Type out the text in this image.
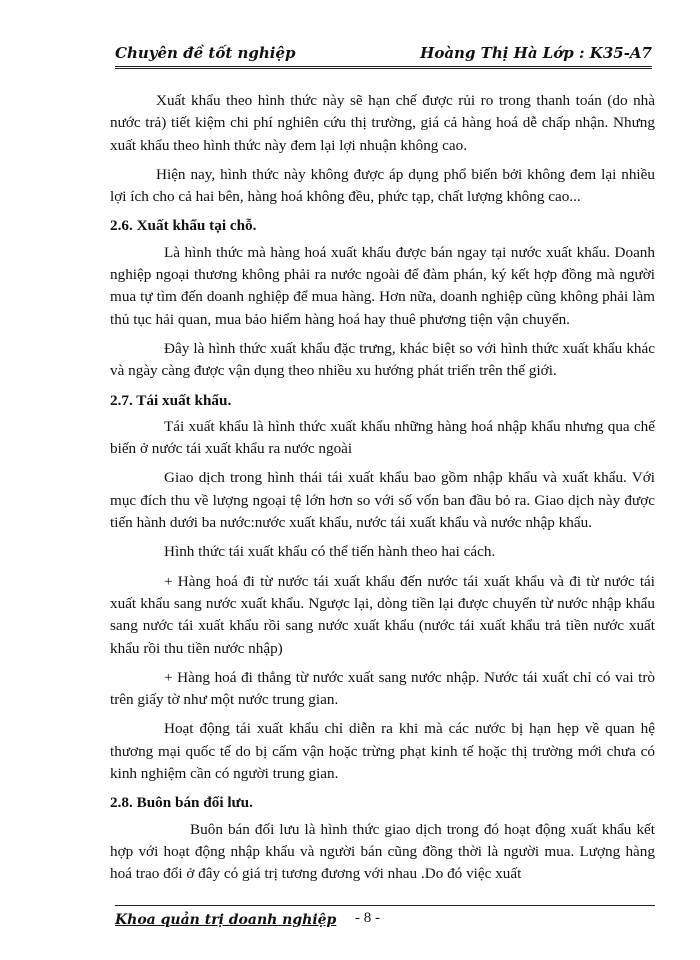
Chuyên đề tốt nghiệp	Hoàng Thị Hà Lớp : K35-A7

Xuất khẩu theo hình thức này sẽ hạn chế được rủi ro trong thanh toán (do nhà nước trả) tiết kiệm chi phí nghiên cứu thị trường, giá cả hàng hoá dễ chấp nhận. Nhưng xuất khẩu theo hình thức này đem lại lợi nhuận không cao.

Hiện nay, hình thức này không được áp dụng phổ biến bởi không đem lại nhiều lợi ích cho cả hai bên, hàng hoá không đều, phức tạp, chất lượng không cao...

2.6. Xuất khẩu tại chỗ.

Là hình thức mà hàng hoá xuất khẩu được bán ngay tại nước xuất khẩu. Doanh nghiệp ngoại thương không phải ra nước ngoài để đàm phán, ký kết hợp đồng mà người mua tự tìm đến doanh nghiệp để mua hàng. Hơn nữa, doanh nghiệp cũng không phải làm thủ tục hải quan, mua bảo hiểm hàng hoá hay thuê phương tiện vận chuyển.

Đây là hình thức xuất khẩu đặc trưng, khác biệt so với hình thức xuất khẩu khác và ngày càng được vận dụng theo nhiều xu hướng phát triển trên thế giới.

2.7. Tái xuất khẩu.

Tái xuất khẩu là hình thức xuất khẩu những hàng hoá nhập khẩu nhưng qua chế biến ở nước tái xuất khẩu ra nước ngoài

Giao dịch trong hình thái tái xuất khẩu bao gồm nhập khẩu và xuất khẩu. Với mục đích thu về lượng ngoại tệ lớn hơn so với số vốn ban đầu bỏ ra. Giao dịch này được tiến hành dưới ba nước:nước xuất khẩu, nước tái xuất khẩu và nước nhập khẩu.

Hình thức tái xuất khẩu có thể tiến hành theo hai cách.

+ Hàng hoá đi từ nước tái xuất khẩu đến nước tái xuất khẩu và đi từ nước tái xuất khẩu sang nước xuất khẩu. Ngược lại, dòng tiền lại được chuyển từ nước nhập khẩu sang nước tái xuất khẩu rồi sang nước xuất khẩu (nước tái xuất khẩu trả tiền nước xuất khẩu rồi thu tiền nước nhập)

+ Hàng hoá đi thẳng từ nước xuất sang nước nhập. Nước tái xuất chỉ có vai trò trên giấy tờ như một nước trung gian.

Hoạt động tái xuất khẩu chỉ diễn ra khi mà các nước bị hạn hẹp về quan hệ thương mại quốc tế do bị cấm vận hoặc trừng phạt kinh tế hoặc thị trường mới chưa có kinh nghiệm cần có người trung gian.

2.8. Buôn bán đối lưu.

Buôn bán đối lưu là hình thức giao dịch trong đó hoạt động xuất khẩu kết hợp với hoạt động nhập khẩu và người bán cũng đồng thời là người mua. Lượng hàng hoá trao đổi ở đây có giá trị tương đương với nhau .Do đó việc xuất

Khoa quản trị doanh nghiệp - 8 -
